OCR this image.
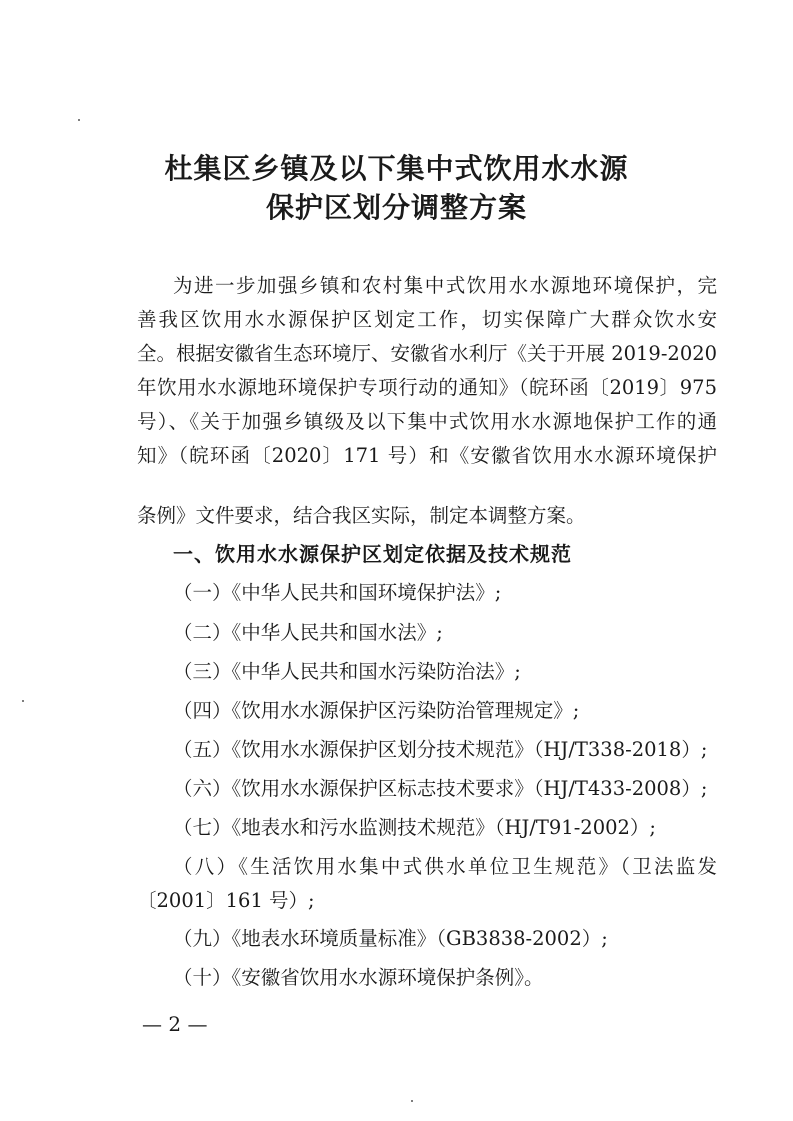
杜集区乡镇及以下集中式饮用水水源
保护区划分调整方案
为进一步加强乡镇和农村集中式饮用水水源地环境保护，完
善我区饮用水水源保护区划定工作，切实保障广大群众饮水安
全。根据安徽省生态环境厅、安徽省水利厅《关于开展 2019-2020
年饮用水水源地环境保护专项行动的通知》（皖环函〔2019〕975
号）、《关于加强乡镇级及以下集中式饮用水水源地保护工作的通
知》（皖环函〔2020〕171 号）和《安徽省饮用水水源环境保护
条例》文件要求，结合我区实际，制定本调整方案。
一、饮用水水源保护区划定依据及技术规范
（一）《中华人民共和国环境保护法》;
（二）《中华人民共和国水法》;
（三）《中华人民共和国水污染防治法》;
（四）《饮用水水源保护区污染防治管理规定》;
（五）《饮用水水源保护区划分技术规范》（HJ/T338-2018）;
（六）《饮用水水源保护区标志技术要求》（HJ/T433-2008）;
（七）《地表水和污水监测技术规范》（HJ/T91-2002）;
（八）《生活饮用水集中式供水单位卫生规范》（卫法监发
〔2001〕161 号）;
（九）《地表水环境质量标准》（GB3838-2002）;
（十）《安徽省饮用水水源环境保护条例》。
— 2 —
